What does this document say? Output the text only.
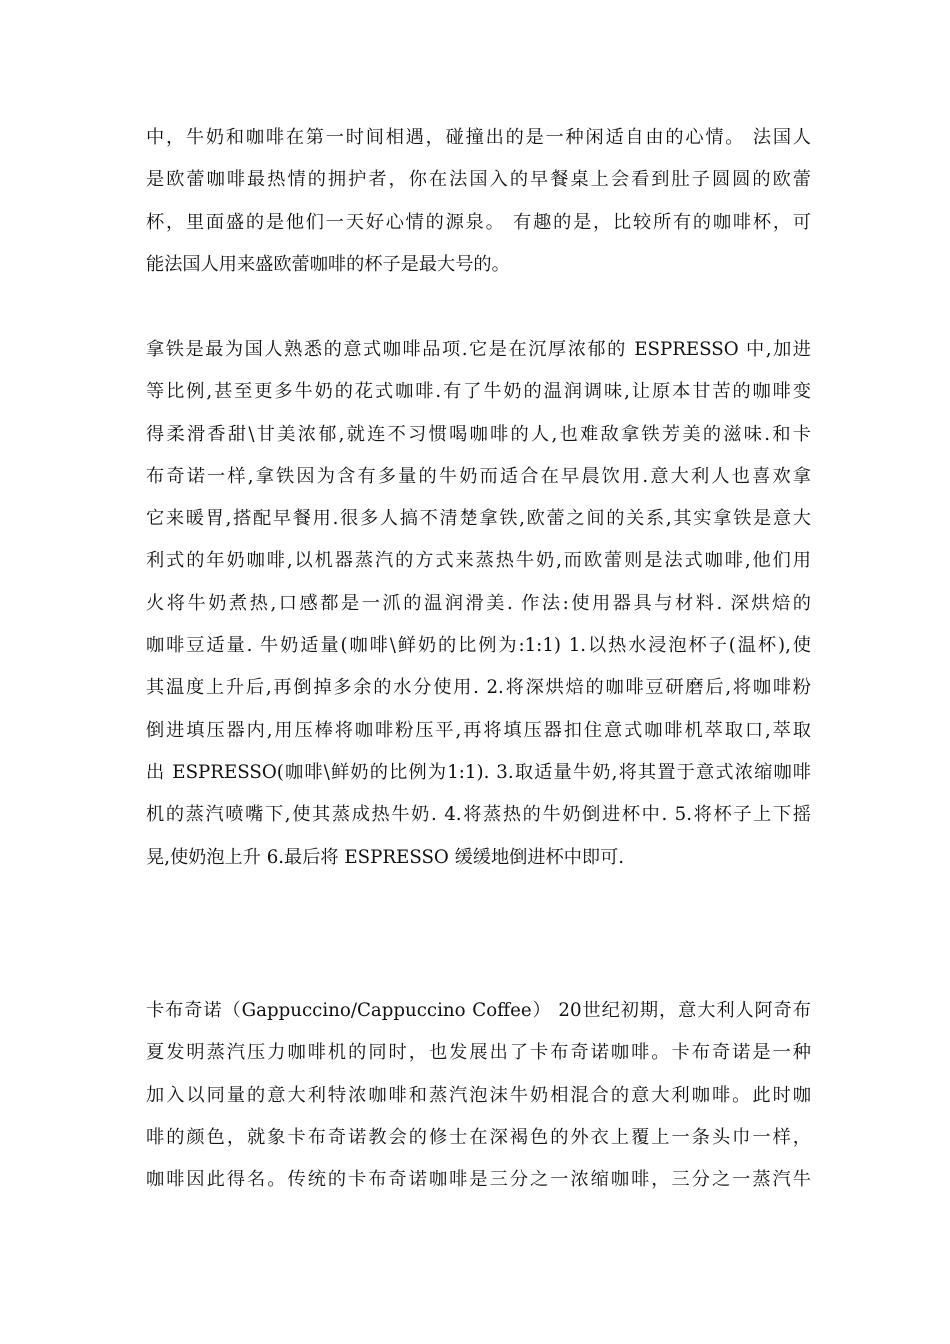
中，牛奶和咖啡在第一时间相遇，碰撞出的是一种闲适自由的心情。 法国人
是欧蕾咖啡最热情的拥护者，你在法国入的早餐桌上会看到肚子圆圆的欧蕾
杯，里面盛的是他们一天好心情的源泉。 有趣的是，比较所有的咖啡杯，可
能法国人用来盛欧蕾咖啡的杯子是最大号的。
拿铁是最为国人熟悉的意式咖啡品项.它是在沉厚浓郁的 ESPRESSO 中,加进
等比例,甚至更多牛奶的花式咖啡.有了牛奶的温润调味,让原本甘苦的咖啡变
得柔滑香甜\甘美浓郁,就连不习惯喝咖啡的人,也难敌拿铁芳美的滋味.和卡
布奇诺一样,拿铁因为含有多量的牛奶而适合在早晨饮用.意大利人也喜欢拿
它来暖胃,搭配早餐用.很多人搞不清楚拿铁,欧蕾之间的关系,其实拿铁是意大
利式的年奶咖啡,以机器蒸汽的方式来蒸热牛奶,而欧蕾则是法式咖啡,他们用
火将牛奶煮热,口感都是一沠的温润滑美. 作法:使用器具与材料. 深烘焙的
咖啡豆适量. 牛奶适量(咖啡\鲜奶的比例为:1:1) 1.以热水浸泡杯子(温杯),使
其温度上升后,再倒掉多余的水分使用. 2.将深烘焙的咖啡豆研磨后,将咖啡粉
倒进填压器内,用压棒将咖啡粉压平,再将填压器扣住意式咖啡机萃取口,萃取
出 ESPRESSO(咖啡\鲜奶的比例为1:1). 3.取适量牛奶,将其置于意式浓缩咖啡
机的蒸汽喷嘴下,使其蒸成热牛奶. 4.将蒸热的牛奶倒进杯中. 5.将杯子上下摇
晃,使奶泡上升 6.最后将 ESPRESSO 缓缓地倒进杯中即可.
卡布奇诺（Gappuccino/Cappuccino Coffee） 20世纪初期，意大利人阿奇布
夏发明蒸汽压力咖啡机的同时，也发展出了卡布奇诺咖啡。卡布奇诺是一种
加入以同量的意大利特浓咖啡和蒸汽泡沫牛奶相混合的意大利咖啡。此时咖
啡的颜色，就象卡布奇诺教会的修士在深褐色的外衣上覆上一条头巾一样，
咖啡因此得名。传统的卡布奇诺咖啡是三分之一浓缩咖啡，三分之一蒸汽牛
